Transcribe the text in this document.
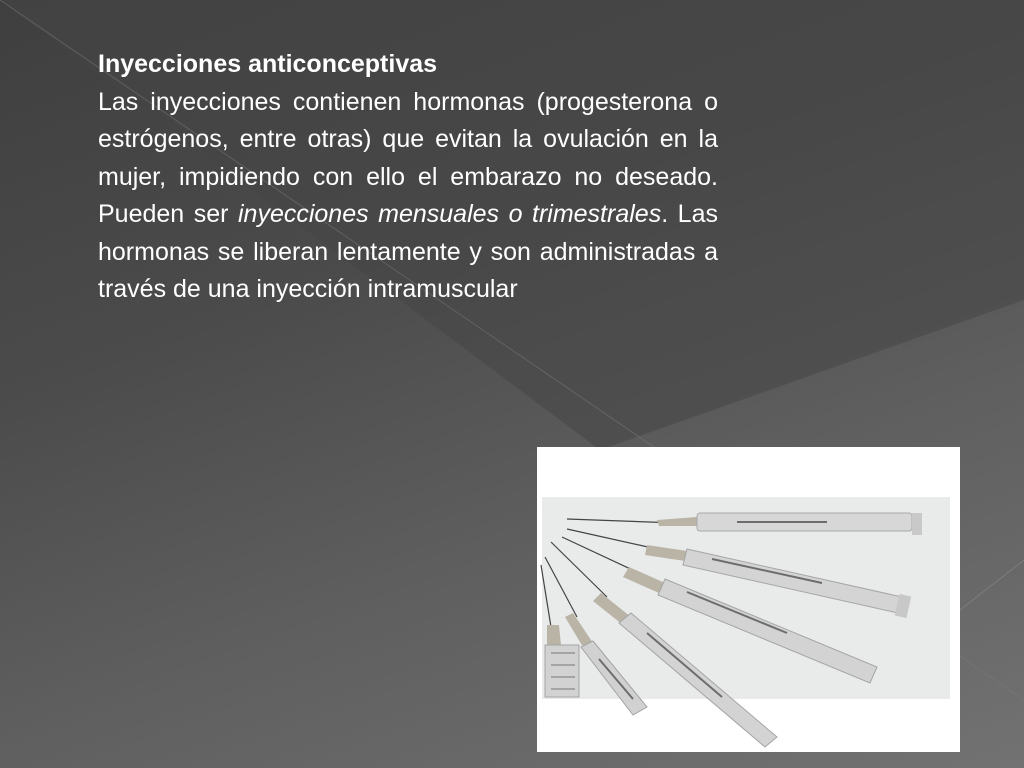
Inyecciones anticonceptivas

Las inyecciones contienen hormonas (progesterona o estrógenos, entre otras) que evitan la ovulación en la mujer, impidiendo con ello el embarazo no deseado. Pueden ser inyecciones mensuales o trimestrales. Las hormonas se liberan lentamente y son administradas a través de una inyección intramuscular
